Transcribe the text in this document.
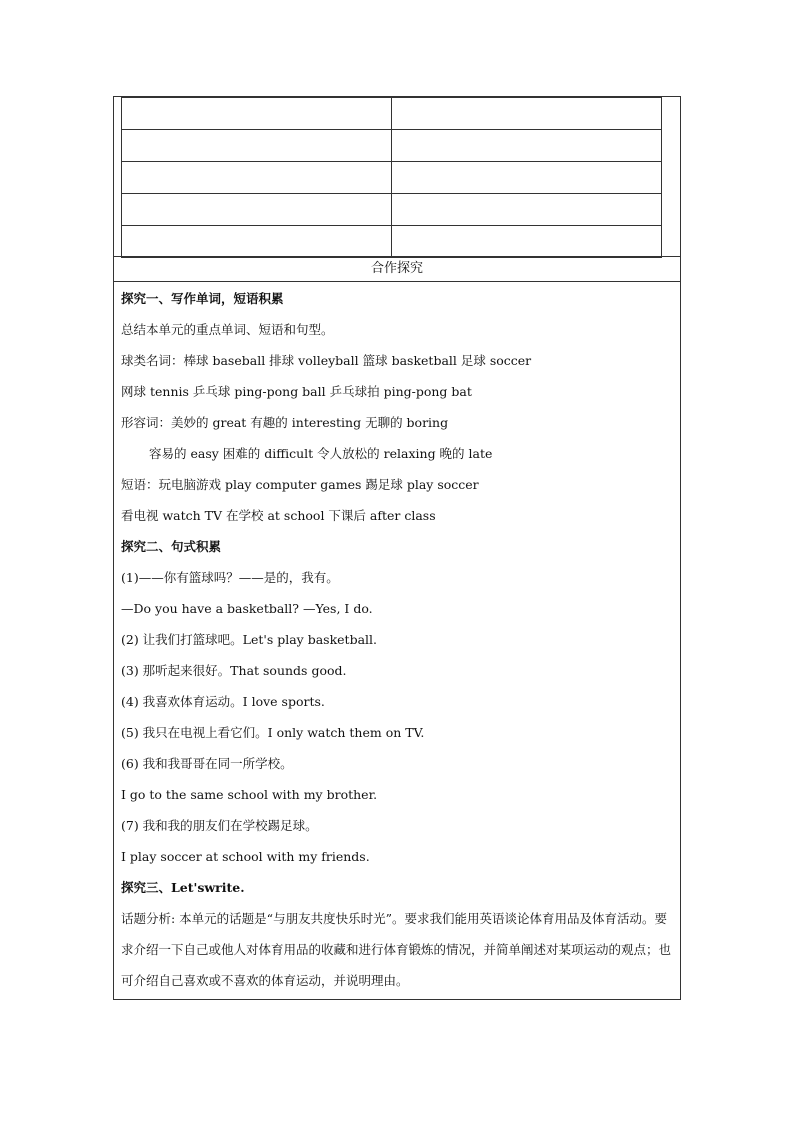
合作探究
探究一、写作单词，短语积累
总结本单元的重点单词、短语和句型。
球类名词：棒球 baseball 排球 volleyball 篮球 basketball 足球 soccer
网球 tennis 乒乓球 ping-pong ball 乒乓球拍 ping-pong bat
形容词：美妙的 great 有趣的 interesting 无聊的 boring
容易的 easy 困难的 difficult 令人放松的 relaxing 晚的 late
短语：玩电脑游戏 play computer games 踢足球 play soccer
看电视 watch TV 在学校 at school 下课后 after class
探究二、句式积累
(1)——你有篮球吗？——是的，我有。
—Do you have a basketball? —Yes, I do.
(2) 让我们打篮球吧。Let's play basketball.
(3) 那听起来很好。That sounds good.
(4) 我喜欢体育运动。I love sports.
(5) 我只在电视上看它们。I only watch them on TV.
(6) 我和我哥哥在同一所学校。
I go to the same school with my brother.
(7) 我和我的朋友们在学校踢足球。
I play soccer at school with my friends.
探究三、Let'swrite.

话题分析: 本单元的话题是“与朋友共度快乐时光”。要求我们能用英语谈论体育用品及体育活动。要求介绍一下自己或他人对体育用品的收藏和进行体育锻炼的情况，并简单阐述对某项运动的观点；也可介绍自己喜欢或不喜欢的体育运动，并说明理由。
